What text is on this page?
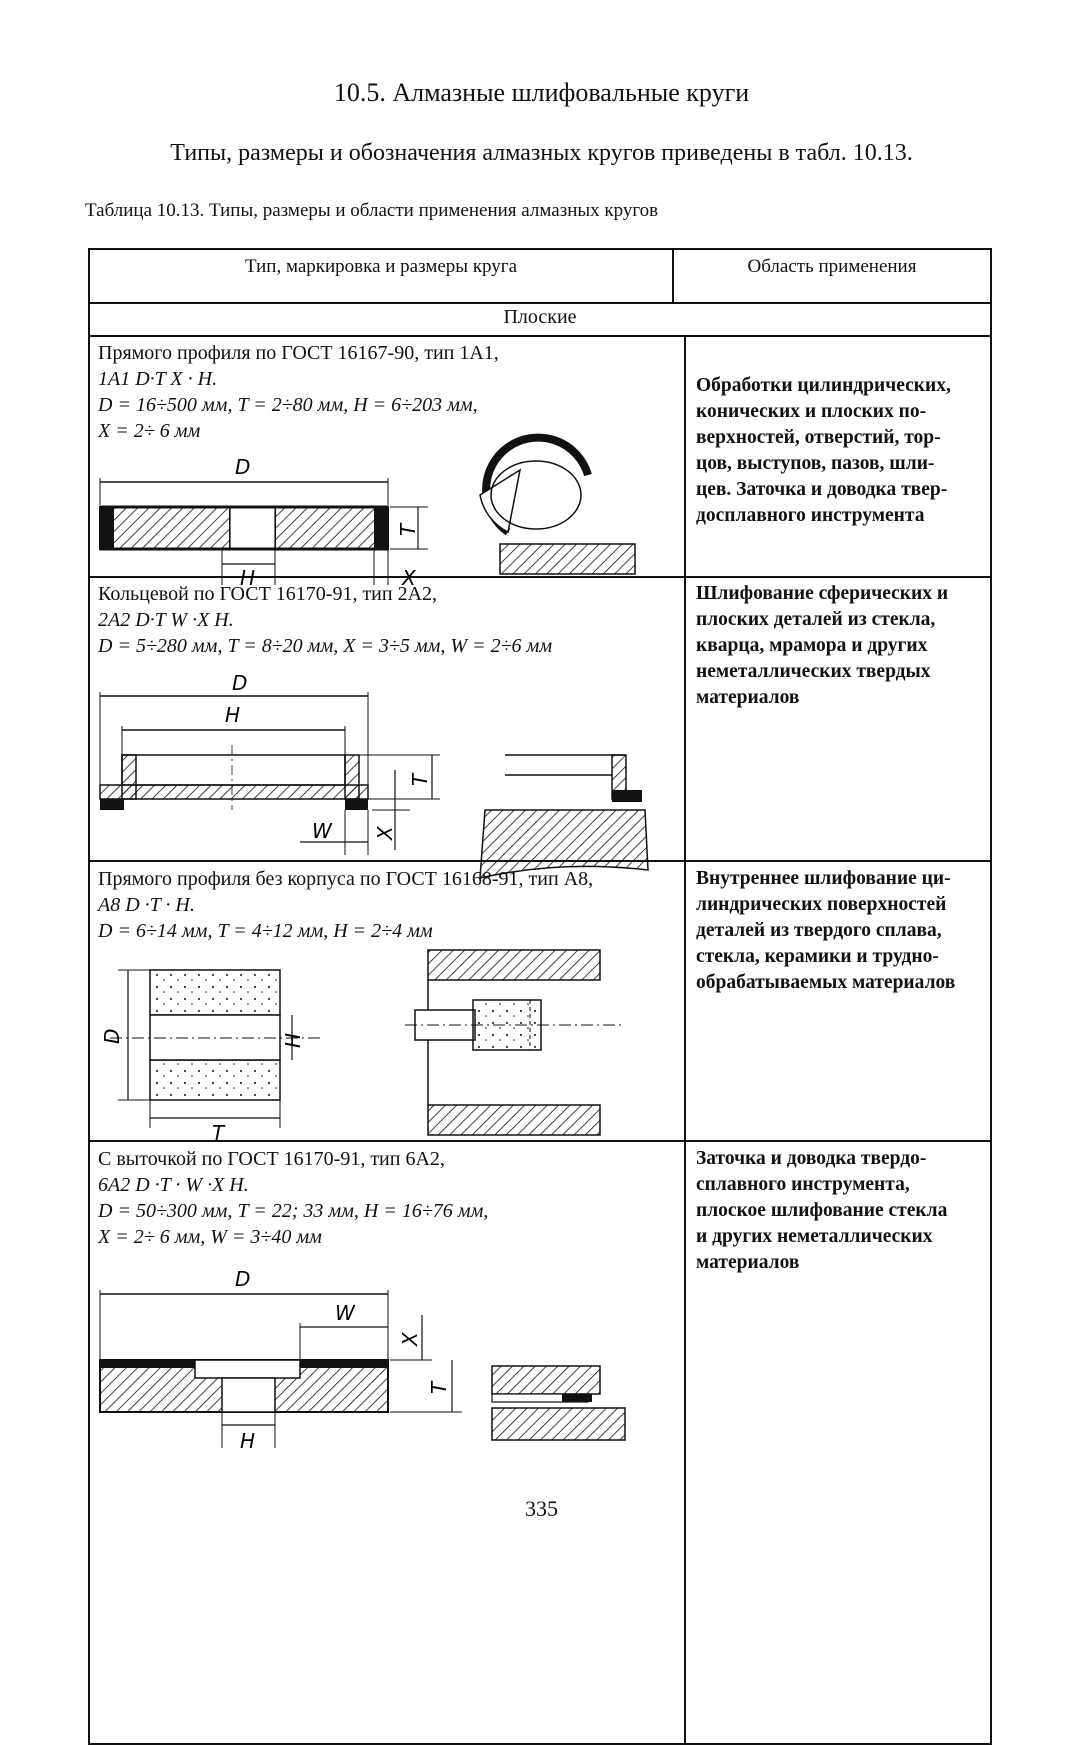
10.5. Алмазные шлифовальные круги
Типы, размеры и обозначения алмазных кругов приведены в табл. 10.13.
Таблица 10.13. Типы, размеры и области применения алмазных кругов
Тип, маркировка и размеры круга	Область применения
Плоские
Прямого профиля по ГОСТ 16167-90, тип 1А1,
1А1 D·T X · H.
D = 16÷500 мм, T = 2÷80 мм, H = 6÷203 мм,
X = 2÷ 6 мм
Обработки цилиндрических,
конических и плоских по-
верхностей, отверстий, тор-
цов, выступов, пазов, шли-
цев. Заточка и доводка твер-
досплавного инструмента
D
H
T
X
Кольцевой по ГОСТ 16170-91, тип 2А2,
2А2 D·T W ·X H.
D = 5÷280 мм, T = 8÷20 мм, X = 3÷5 мм, W = 2÷6 мм
Шлифование сферических и
плоских деталей из стекла,
кварца, мрамора и других
неметаллических твердых
материалов
D
H
T
W X
Прямого профиля без корпуса по ГОСТ 16168-91, тип А8,
А8 D ·T · H.
D = 6÷14 мм, T = 4÷12 мм, H = 2÷4 мм
Внутреннее шлифование ци-
линдрических поверхностей
деталей из твердого сплава,
стекла, керамики и трудно-
обрабатываемых материалов
D	H
T
С выточкой по ГОСТ 16170-91, тип 6А2,
6А2 D ·T · W ·X H.
D = 50÷300 мм, T = 22; 33 мм, H = 16÷76 мм,
X = 2÷ 6 мм, W = 3÷40 мм
Заточка и доводка твердо-
сплавного инструмента,
плоское шлифование стекла
и других неметаллических
материалов
D
W
X
T
H
335
